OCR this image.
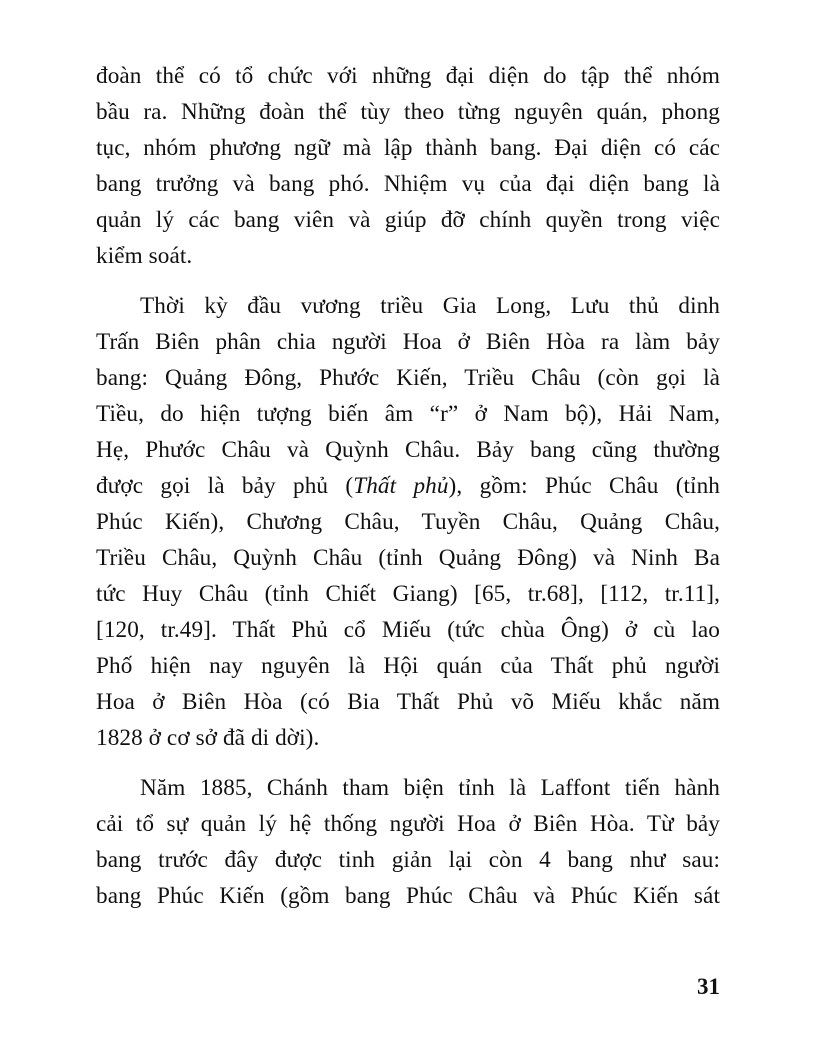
đoàn thể có tổ chức với những đại diện do tập thể nhóm
bầu ra. Những đoàn thể tùy theo từng nguyên quán, phong
tục, nhóm phương ngữ mà lập thành bang. Đại diện có các
bang trưởng và bang phó. Nhiệm vụ của đại diện bang là
quản lý các bang viên và giúp đỡ chính quyền trong việc
kiểm soát.

Thời kỳ đầu vương triều Gia Long, Lưu thủ dinh
Trấn Biên phân chia người Hoa ở Biên Hòa ra làm bảy
bang: Quảng Đông, Phước Kiến, Triều Châu (còn gọi là
Tiều, do hiện tượng biến âm “r” ở Nam bộ), Hải Nam,
Hẹ, Phước Châu và Quỳnh Châu. Bảy bang cũng thường
được gọi là bảy phủ (Thất phủ), gồm: Phúc Châu (tỉnh
Phúc Kiến), Chương Châu, Tuyền Châu, Quảng Châu,
Triều Châu, Quỳnh Châu (tỉnh Quảng Đông) và Ninh Ba
tức Huy Châu (tỉnh Chiết Giang) [65, tr.68], [112, tr.11],
[120, tr.49]. Thất Phủ cổ Miếu (tức chùa Ông) ở cù lao
Phố hiện nay nguyên là Hội quán của Thất phủ người
Hoa ở Biên Hòa (có Bia Thất Phủ võ Miếu khắc năm
1828 ở cơ sở đã di dời).

Năm 1885, Chánh tham biện tỉnh là Laffont tiến hành
cải tổ sự quản lý hệ thống người Hoa ở Biên Hòa. Từ bảy
bang trước đây được tinh giản lại còn 4 bang như sau:
bang Phúc Kiến (gồm bang Phúc Châu và Phúc Kiến sát

31
